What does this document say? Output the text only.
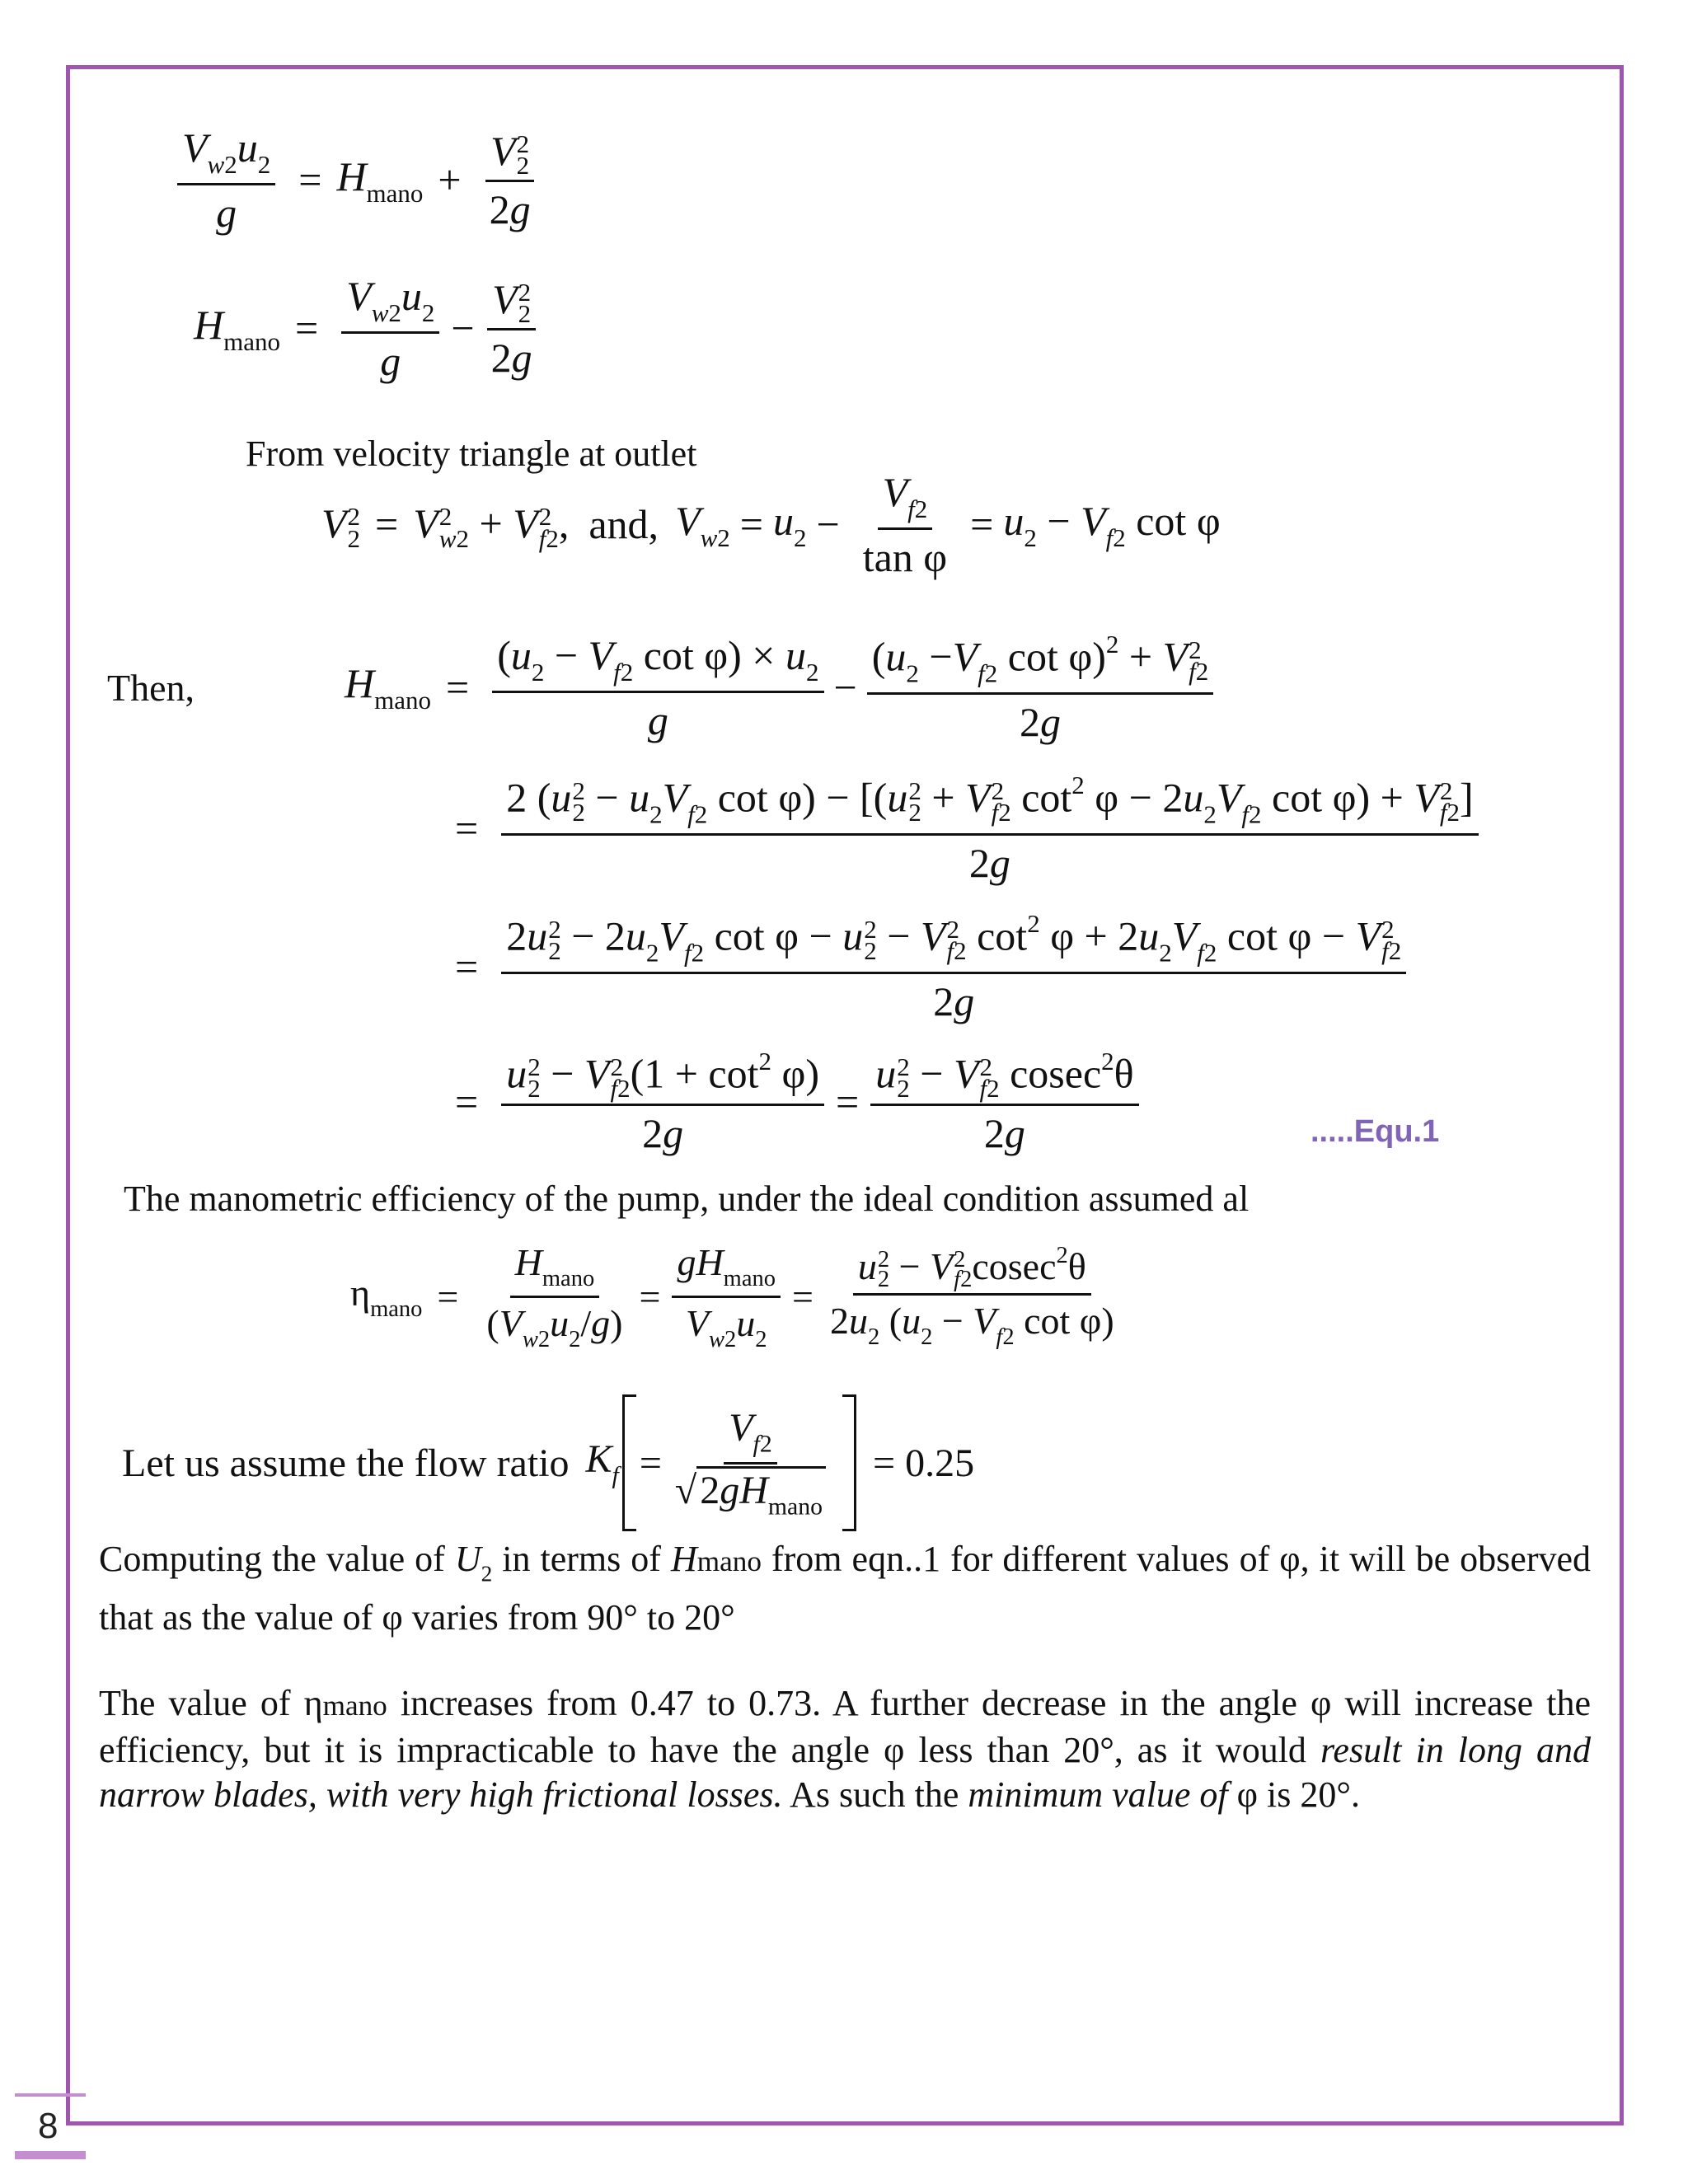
$\frac{V_{w2}u_2}{g} = H_{mano} + V$ 2
2
2g
$H_{mano} = \frac{V_{w2}u_2}{g} - V$ 2
2
2g
From velocity triangle at outlet
V 2
2 = V 2
w2 + V 2
f2 , and, $V_{w2} = u_2 - \frac{V_{f2}}{\text{tan φ}} = u_2 - V_{f2}$ cot φ
Then,	$H_{mano} = \frac{(u_2 - V_{f2} \cot \varphi) \times u_2}{g} - (u_2 -V_{f2}$ cot φ)$^2$ + V 2
f2
2g
=
2 (u 2
$2 - u_2V_{f2}$ cot φ) − [(u 2
2 + V 2
f2 $\cot^2 \varphi - 2u_2V_{f2}$ cot φ) + V 2
f2 ]
2g
=
2u 2
$2 - 2u_2V_{f2}$ cot φ − u 2
2 − V 2
f2 $\cot^2 \varphi + 2u_2V_{f2}$ cot φ − V 2
f2
2g
= u 2
2 − V 2
f2 $(1 + \cot^2 \varphi)$
2g = u 2
2 − V 2
f2 cosec$^2$θ
2g	.....Equ.1
The manometric efficiency of the pump, under the ideal condition assumed al
$\eta_{mano} = \frac{H_{mano}}{(V_{w2}u_2/g)} = \frac{gH_{mano}}{V_{w2}u_2} = u$ 2
2 − V 2
f2 cosec$^2$θ
$2u_2$ ($u_2 - V_{f2}$ cot φ)
Let us assume the flow ratio $K_f = \frac{V_{f2}}{√2gH_{mano}} = 0.25$
Computing the value of $U_2$ in terms of Hmano from eqn..1 for different values of φ, it will be observed that as the value of φ varies from 90° to 20°
The value of ηmano increases from 0.47 to 0.73. A further decrease in the angle φ will increase the efficiency, but it is impracticable to have the angle φ less than 20°, as it would result in long and narrow blades, with very high frictional losses. As such the minimum value of φ is 20°.
8
